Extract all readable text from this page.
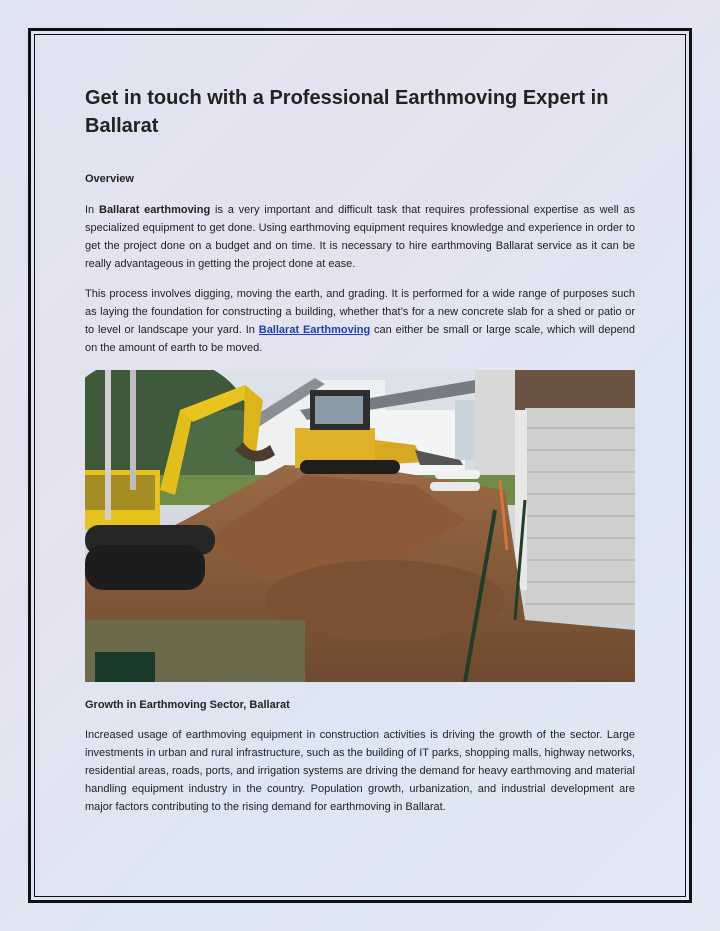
Get in touch with a Professional Earthmoving Expert in Ballarat

Overview

In Ballarat earthmoving is a very important and difficult task that requires professional expertise as well as specialized equipment to get done. Using earthmoving equipment requires knowledge and experience in order to get the project done on a budget and on time. It is necessary to hire earthmoving Ballarat service as it can be really advantageous in getting the project done at ease.

This process involves digging, moving the earth, and grading. It is performed for a wide range of purposes such as laying the foundation for constructing a building, whether that’s for a new concrete slab for a shed or patio or to level or landscape your yard. In Ballarat Earthmoving can either be small or large scale, which will depend on the amount of earth to be moved.

Growth in Earthmoving Sector, Ballarat

Increased usage of earthmoving equipment in construction activities is driving the growth of the sector. Large investments in urban and rural infrastructure, such as the building of IT parks, shopping malls, highway networks, residential areas, roads, ports, and irrigation systems are driving the demand for heavy earthmoving and material handling equipment industry in the country. Population growth, urbanization, and industrial development are major factors contributing to the rising demand for earthmoving in Ballarat.
